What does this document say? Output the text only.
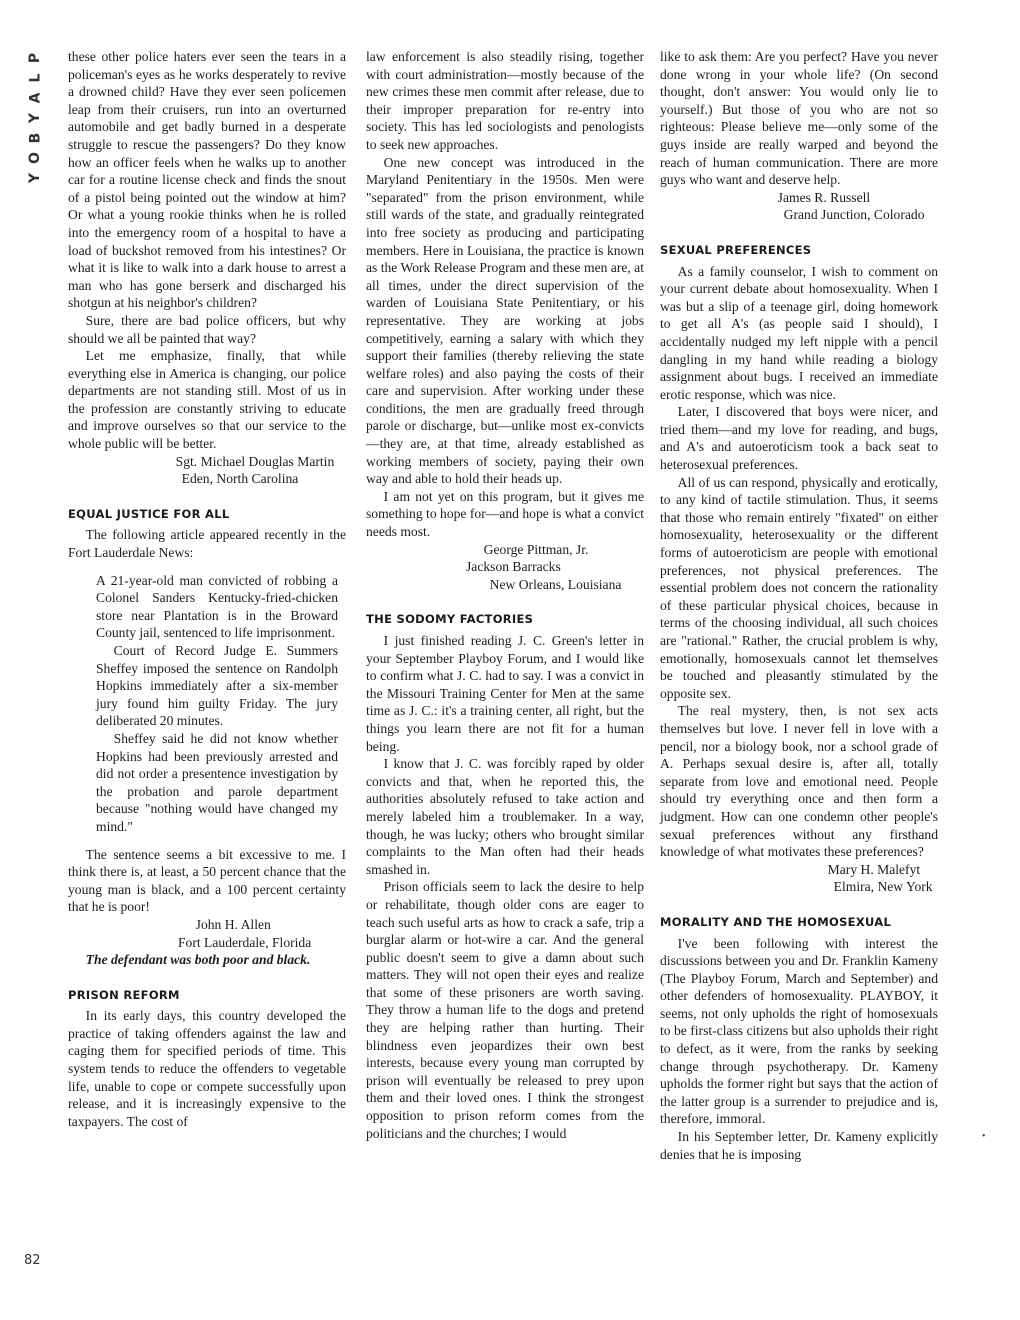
P
L
A
Y
B
O
Y
82
•

these other police haters ever seen the tears in a policeman's eyes as he works desperately to revive a drowned child? Have they ever seen policemen leap from their cruisers, run into an overturned automobile and get badly burned in a desperate struggle to rescue the passengers? Do they know how an officer feels when he walks up to another car for a routine license check and finds the snout of a pistol being pointed out the window at him? Or what a young rookie thinks when he is rolled into the emergency room of a hospital to have a load of buckshot removed from his intestines? Or what it is like to walk into a dark house to arrest a man who has gone berserk and discharged his shotgun at his neighbor's children?

Sure, there are bad police officers, but why should we all be painted that way?

Let me emphasize, finally, that while everything else in America is changing, our police departments are not standing still. Most of us in the profession are constantly striving to educate and improve ourselves so that our service to the whole public will be better.

Sgt. Michael Douglas Martin

Eden, North Carolina

EQUAL JUSTICE FOR ALL

The following article appeared recently in the Fort Lauderdale News:

A 21-year-old man convicted of robbing a Colonel Sanders Kentucky-fried-chicken store near Plantation is in the Broward County jail, sentenced to life imprisonment.

Court of Record Judge E. Summers Sheffey imposed the sentence on Randolph Hopkins immediately after a six-member jury found him guilty Friday. The jury deliberated 20 minutes.

Sheffey said he did not know whether Hopkins had been previously arrested and did not order a presentence investigation by the probation and parole department because "nothing would have changed my mind."

The sentence seems a bit excessive to me. I think there is, at least, a 50 percent chance that the young man is black, and a 100 percent certainty that he is poor!

John H. Allen
Fort Lauderdale, Florida

The defendant was both poor and black.

PRISON REFORM

In its early days, this country developed the practice of taking offenders against the law and caging them for specified periods of time. This system tends to reduce the offenders to vegetable life, unable to cope or compete successfully upon release, and it is increasingly expensive to the taxpayers. The cost of

law enforcement is also steadily rising, together with court administration—mostly because of the new crimes these men commit after release, due to their improper preparation for re-entry into society. This has led sociologists and penologists to seek new approaches.

One new concept was introduced in the Maryland Penitentiary in the 1950s. Men were "separated" from the prison environment, while still wards of the state, and gradually reintegrated into free society as producing and participating members. Here in Louisiana, the practice is known as the Work Release Program and these men are, at all times, under the direct supervision of the warden of Louisiana State Penitentiary, or his representative. They are working at jobs competitively, earning a salary with which they support their families (thereby relieving the state welfare roles) and also paying the costs of their care and supervision. After working under these conditions, the men are gradually freed through parole or discharge, but—unlike most ex-convicts—they are, at that time, already established as working members of society, paying their own way and able to hold their heads up.

I am not yet on this program, but it gives me something to hope for—and hope is what a convict needs most.

George Pittman, Jr.
Jackson Barracks

New Orleans, Louisiana

THE SODOMY FACTORIES

I just finished reading J. C. Green's letter in your September Playboy Forum, and I would like to confirm what J. C. had to say. I was a convict in the Missouri Training Center for Men at the same time as J. C.: it's a training center, all right, but the things you learn there are not fit for a human being.

I know that J. C. was forcibly raped by older convicts and that, when he reported this, the authorities absolutely refused to take action and merely labeled him a troublemaker. In a way, though, he was lucky; others who brought similar complaints to the Man often had their heads smashed in.

Prison officials seem to lack the desire to help or rehabilitate, though older cons are eager to teach such useful arts as how to crack a safe, trip a burglar alarm or hot-wire a car. And the general public doesn't seem to give a damn about such matters. They will not open their eyes and realize that some of these prisoners are worth saving. They throw a human life to the dogs and pretend they are helping rather than hurting. Their blindness even jeopardizes their own best interests, because every young man corrupted by prison will eventually be released to prey upon them and their loved ones. I think the strongest opposition to prison reform comes from the politicians and the churches; I would

like to ask them: Are you perfect? Have you never done wrong in your whole life? (On second thought, don't answer: You would only lie to yourself.) But those of you who are not so righteous: Please believe me—only some of the guys inside are really warped and beyond the reach of human communication. There are more guys who want and deserve help.

James R. Russell

Grand Junction, Colorado

SEXUAL PREFERENCES

As a family counselor, I wish to comment on your current debate about homosexuality. When I was but a slip of a teenage girl, doing homework to get all A's (as people said I should), I accidentally nudged my left nipple with a pencil dangling in my hand while reading a biology assignment about bugs. I received an immediate erotic response, which was nice.

Later, I discovered that boys were nicer, and tried them—and my love for reading, and bugs, and A's and autoeroticism took a back seat to heterosexual preferences.

All of us can respond, physically and erotically, to any kind of tactile stimulation. Thus, it seems that those who remain entirely "fixated" on either homosexuality, heterosexuality or the different forms of autoeroticism are people with emotional preferences, not physical preferences. The essential problem does not concern the rationality of these particular physical choices, because in terms of the choosing individual, all such choices are "rational." Rather, the crucial problem is why, emotionally, homosexuals cannot let themselves be touched and pleasantly stimulated by the opposite sex.

The real mystery, then, is not sex acts themselves but love. I never fell in love with a pencil, nor a biology book, nor a school grade of A. Perhaps sexual desire is, after all, totally separate from love and emotional need. People should try everything once and then form a judgment. How can one condemn other people's sexual preferences without any firsthand knowledge of what motivates these preferences?

Mary H. Malefyt

Elmira, New York

MORALITY AND THE HOMOSEXUAL

I've been following with interest the discussions between you and Dr. Franklin Kameny (The Playboy Forum, March and September) and other defenders of homosexuality. PLAYBOY, it seems, not only upholds the right of homosexuals to be first-class citizens but also upholds their right to defect, as it were, from the ranks by seeking change through psychotherapy. Dr. Kameny upholds the former right but says that the action of the latter group is a surrender to prejudice and is, therefore, immoral.

In his September letter, Dr. Kameny explicitly denies that he is imposing
